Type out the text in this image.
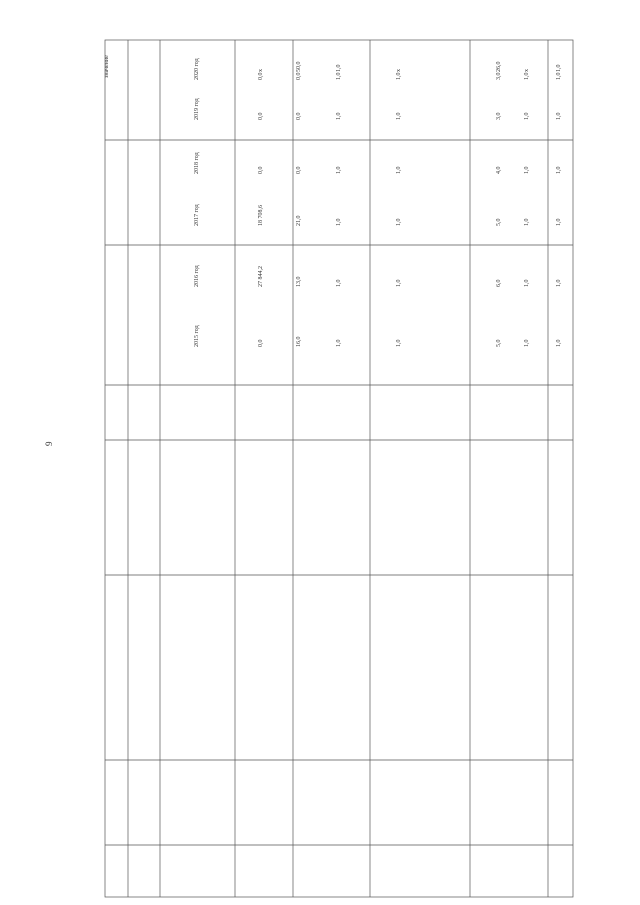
9
2015 год
2016 год
2017 год
2018 год
2019 год
2020 год
значение
0,0
27 844,2
18 708,6
0,0
0,0
0,0
х
16,0
13,0
21,0
0,0
0,0
0,0
50,0
1,0
1,0
1,0
1,0
1,0
1,0
1,0
1,0
1,0
1,0
1,0
1,0
1,0
х
5,0
6,0
5,0
4,0
3,0
3,0
26,0
1,0
1,0
1,0
1,0
1,0
1,0
х
1,0
1,0
1,0
1,0
1,0
1,0
1,0
